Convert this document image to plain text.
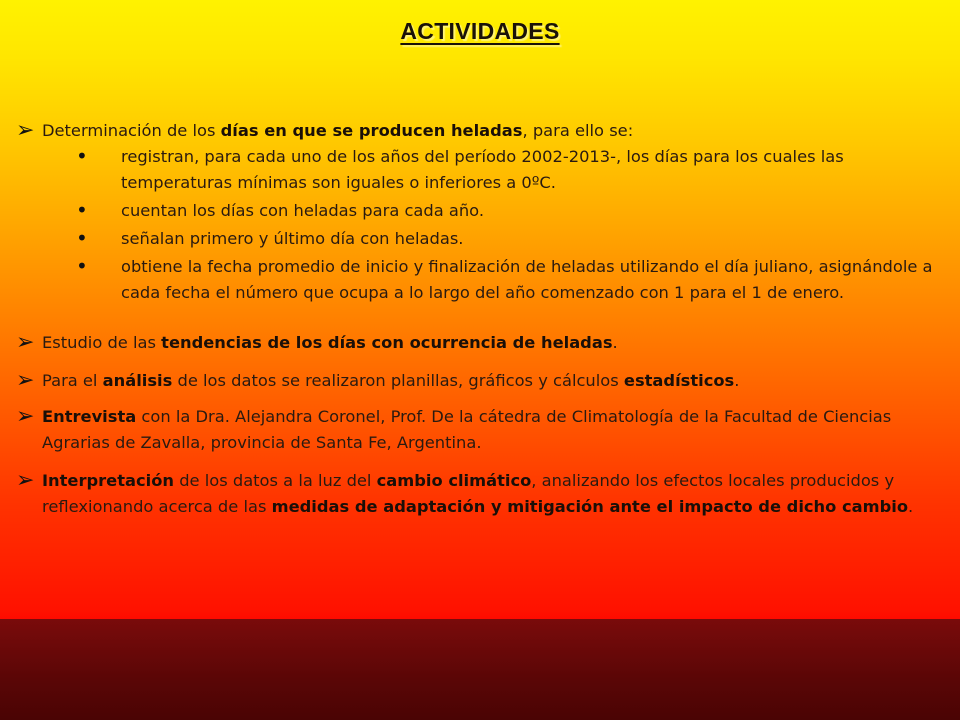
ACTIVIDADES
➢ Determinación de los días en que se producen heladas, para ello se:
• registran, para cada uno de los años del período 2002-2013-, los días para los cuales las temperaturas mínimas son iguales o inferiores a 0ºC.
• cuentan los días con heladas para cada año.
• señalan primero y último día con heladas.
• obtiene la fecha promedio de inicio y finalización de heladas utilizando el día juliano, asignándole a cada fecha el número que ocupa a lo largo del año comenzado con 1 para el 1 de enero.
➢ Estudio de las tendencias de los días con ocurrencia de heladas.
➢ Para el análisis de los datos se realizaron planillas, gráficos y cálculos estadísticos.
➢ Entrevista con la Dra. Alejandra Coronel, Prof. De la cátedra de Climatología de la Facultad de Ciencias Agrarias de Zavalla, provincia de Santa Fe, Argentina.
➢ Interpretación de los datos a la luz del cambio climático, analizando los efectos locales producidos y reflexionando acerca de las medidas de adaptación y mitigación ante el impacto de dicho cambio.
